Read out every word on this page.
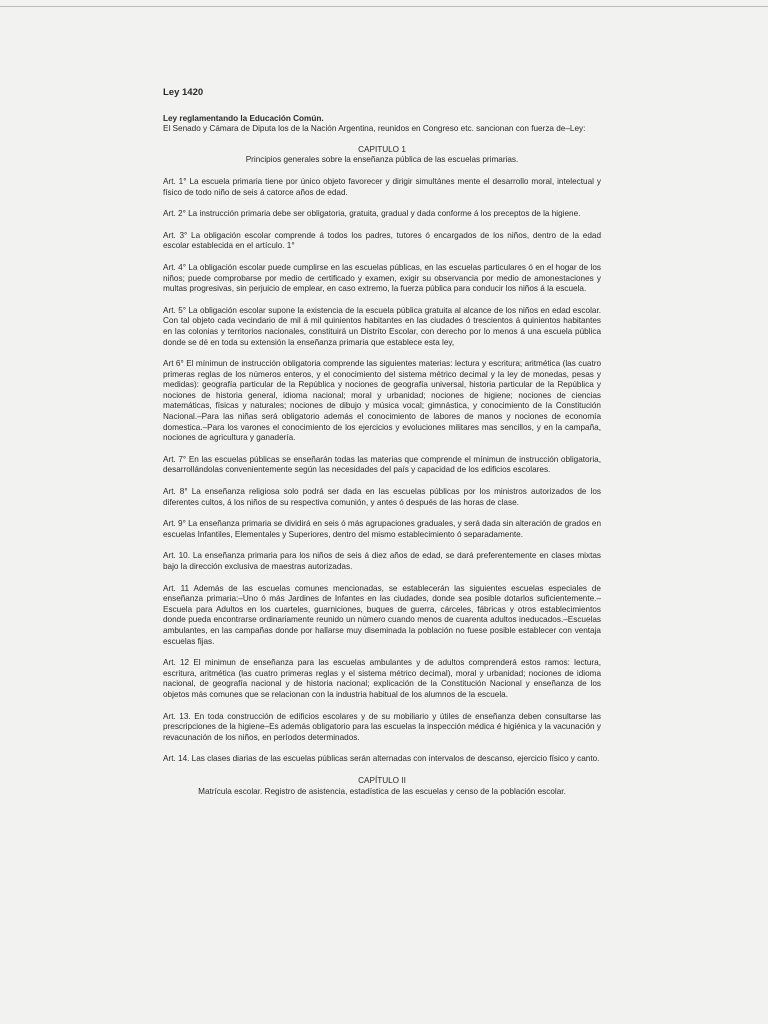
Ley 1420

Ley reglamentando la Educación Común.

El Senado y Cámara de Diputa los de la Nación Argentina, reunidos en Congreso etc. sancionan con fuerza de–Ley:

CAPITULO 1

Principios generales sobre la enseñanza pública de las escuelas primarias.

Art. 1° La escuela primaria tiene por único objeto favorecer y dirigir simultánes mente el desarrollo moral, intelectual y físico de todo niño de seis á catorce años de edad.

Art. 2° La instrucción primaria debe ser obligatoria, gratuita, gradual y dada conforme á los preceptos de la higiene.

Art. 3° La obligación escolar comprende á todos los padres, tutores ó encargados de los niños, dentro de la edad escolar establecida en el artículo. 1°

Art. 4° La obligación escolar puede cumplirse en las escuelas públicas, en las escuelas particulares ó en el hogar de los niños; puede comprobarse por medio de certificado y examen, exigir su observancia por medio de amonestaciones y multas progresivas, sin perjuicio de emplear, en caso extremo, la fuerza pública para conducir los niños á la escuela.

Art. 5° La obligación escolar supone la existencia de la escuela pública gratuita al alcance de los niños en edad escolar. Con tal objeto cada vecindario de mil á mil quinientos habitantes en las ciudades ó trescientos á quinientos habitantes en las colonias y territorios nacionales, constituirá un Distrito Escolar, con derecho por lo menos á una escuela pública donde se dé en toda su extensión la enseñanza primaria que establece esta ley,

Art 6° El mínimun de instrucción obligatoria comprende las siguientes materias: lectura y escritura; aritmética (las cuatro primeras reglas de los números enteros, y el conocimiento del sistema métrico decimal y la ley de monedas, pesas y medidas): geografía particular de la República y nociones de geografía universal, historia particular de la República y nociones de historia general, idioma nacional; moral y urbanidad; nociones de higiene; nociones de ciencias matemáticas, físicas y naturales; nociones de dibujo y música vocal; gimnástica, y conocimiento de la Constitución Nacional.–Para las niñas será obligatorio además el conocimiento de labores de manos y nociones de economía domestica.–Para los varones el conocimiento de los ejercicios y evoluciones militares mas sencillos, y en la campaña, nociones de agricultura y ganadería.

Art. 7° En las escuelas públicas se enseñarán todas las materias que comprende el mínimun de instrucción obligatoria, desarrollándolas convenientemente según las necesidades del país y capacidad de los edificios escolares.

Art. 8° La enseñanza religiosa solo podrá ser dada en las escuelas públicas por los ministros autorizados de los diferentes cultos, á los niños de su respectiva comunión, y antes ó después de las horas de clase.

Art. 9° La enseñanza primaria se dividirá en seis ó más agrupaciones graduales, y será dada sin alteración de grados en escuelas Infantiles, Elementales y Superiores, dentro del mismo establecimiento ó separadamente.

Art. 10. La enseñanza primaria para los niños de seis á diez años de edad, se dará preferentemente en clases mixtas bajo la dirección exclusiva de maestras autorizadas.

Art. 11 Además de las escuelas comunes mencionadas, se establecerán las siguientes escuelas especiales de enseñanza primaria:–Uno ó más Jardines de Infantes en las ciudades, donde sea posible dotarlos suficientemente.–Escuela para Adultos en los cuarteles, guarniciones, buques de guerra, cárceles, fábricas y otros establecimientos donde pueda encontrarse ordinariamente reunido un número cuando menos de cuarenta adultos ineducados.–Escuelas ambulantes, en las campañas donde por hallarse muy diseminada la población no fuese posible establecer con ventaja escuelas fijas.

Art. 12 El minimun de enseñanza para las escuelas ambulantes y de adultos comprenderá estos ramos: lectura, escritura, aritmética (las cuatro primeras reglas y el sistema métrico decimal), moral y urbanidad; nociones de idioma nacional, de geografía nacional y de historia nacional; explicación de la Constitución Nacional y enseñanza de los objetos más comunes que se relacionan con la industria habitual de los alumnos de la escuela.

Art. 13. En toda construcción de edificios escolares y de su mobiliario y útiles de enseñanza deben consultarse las prescripciones de la higiene–Es además obligatorio para las escuelas la inspección médica é higiénica y la vacunación y revacunación de los niños, en períodos determinados.

Art. 14. Las clases diarias de las escuelas públicas serán alternadas con intervalos de descanso, ejercicio físico y canto.

CAPÍTULO II

Matrícula escolar. Registro de asistencia, estadística de las escuelas y censo de la población escolar.
